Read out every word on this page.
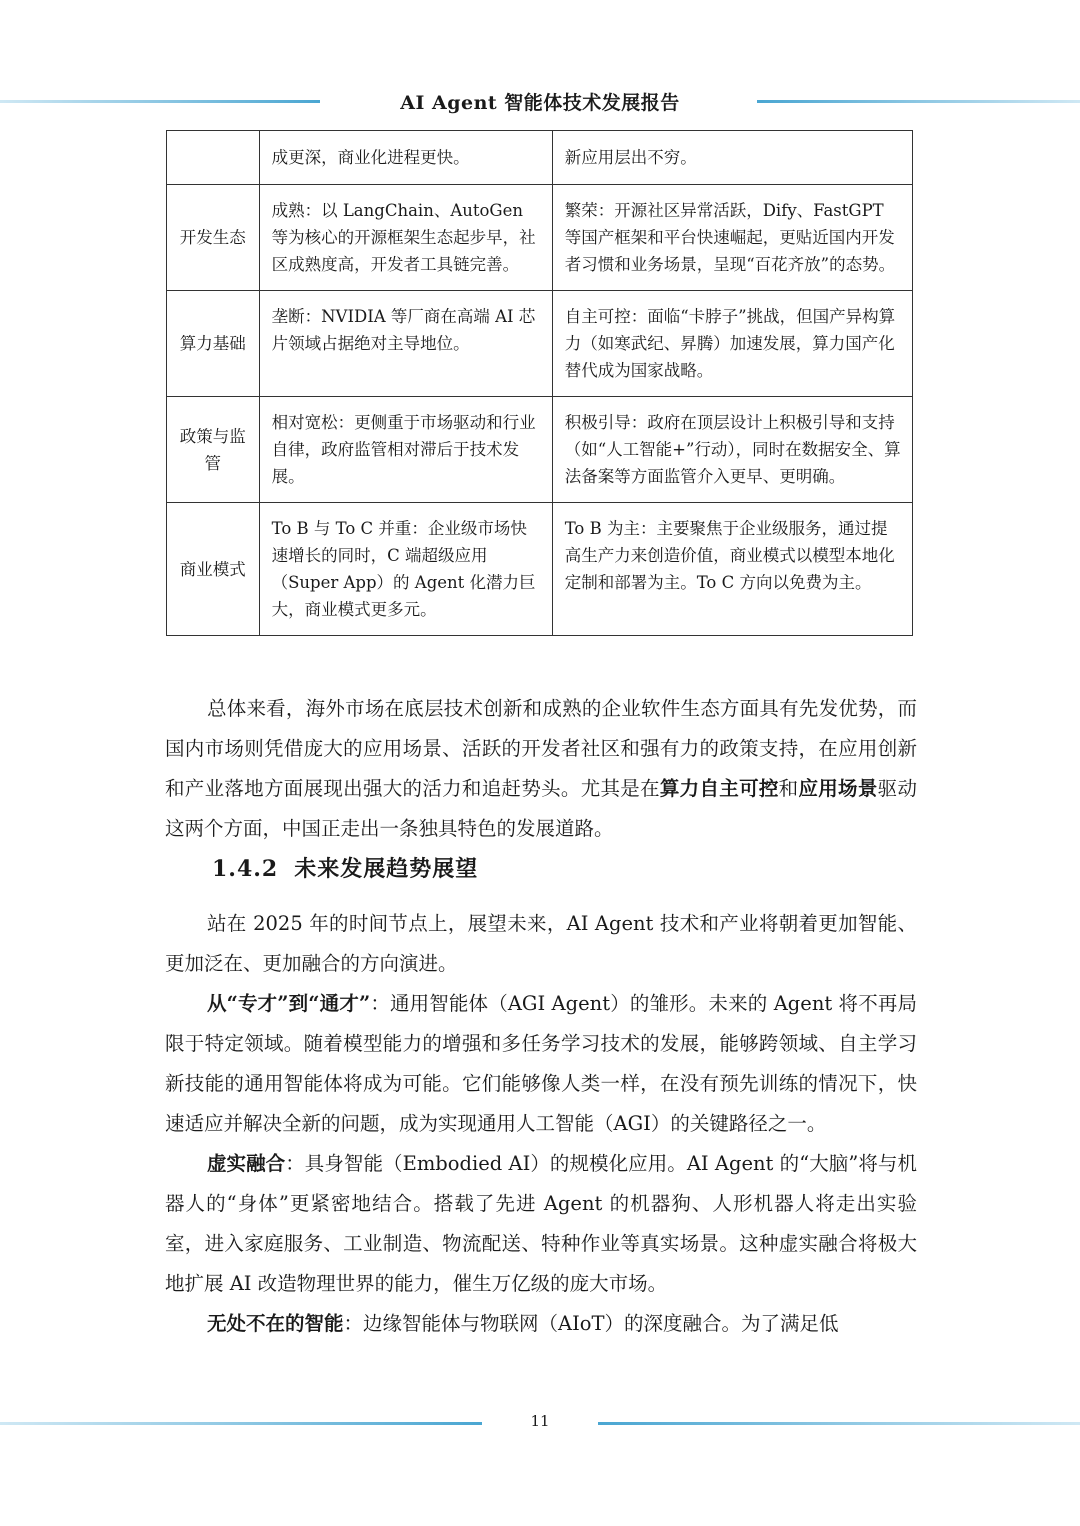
AI Agent 智能体技术发展报告
	成更深，商业化进程更快。	新应用层出不穷。
开发生态	成熟：以 LangChain、AutoGen 等为核心的开源框架生态起步早，社区成熟度高，开发者工具链完善。	繁荣：开源社区异常活跃，Dify、FastGPT 等国产框架和平台快速崛起，更贴近国内开发者习惯和业务场景，呈现“百花齐放”的态势。
算力基础	垄断：NVIDIA 等厂商在高端 AI 芯片领域占据绝对主导地位。	自主可控：面临“卡脖子”挑战，但国产异构算力（如寒武纪、昇腾）加速发展，算力国产化替代成为国家战略。
政策与监管	相对宽松：更侧重于市场驱动和行业自律，政府监管相对滞后于技术发展。	积极引导：政府在顶层设计上积极引导和支持（如“人工智能+”行动），同时在数据安全、算法备案等方面监管介入更早、更明确。
商业模式	To B 与 To C 并重：企业级市场快速增长的同时，C 端超级应用（Super App）的 Agent 化潜力巨大，商业模式更多元。	To B 为主：主要聚焦于企业级服务，通过提高生产力来创造价值，商业模式以模型本地化定制和部署为主。To C 方向以免费为主。

总体来看，海外市场在底层技术创新和成熟的企业软件生态方面具有先发优势，而国内市场则凭借庞大的应用场景、活跃的开发者社区和强有力的政策支持，在应用创新和产业落地方面展现出强大的活力和追赶势头。尤其是在算力自主可控和应用场景驱动这两个方面，中国正走出一条独具特色的发展道路。

1.4.2 未来发展趋势展望

站在 2025 年的时间节点上，展望未来，AI Agent 技术和产业将朝着更加智能、更加泛在、更加融合的方向演进。

从“专才”到“通才”：通用智能体（AGI Agent）的雏形。未来的 Agent 将不再局限于特定领域。随着模型能力的增强和多任务学习技术的发展，能够跨领域、自主学习新技能的通用智能体将成为可能。它们能够像人类一样，在没有预先训练的情况下，快速适应并解决全新的问题，成为实现通用人工智能（AGI）的关键路径之一。

虚实融合：具身智能（Embodied AI）的规模化应用。AI Agent 的“大脑”将与机器人的“身体”更紧密地结合。搭载了先进 Agent 的机器狗、人形机器人将走出实验室，进入家庭服务、工业制造、物流配送、特种作业等真实场景。这种虚实融合将极大地扩展 AI 改造物理世界的能力，催生万亿级的庞大市场。

无处不在的智能：边缘智能体与物联网（AIoT）的深度融合。为了满足低

11
